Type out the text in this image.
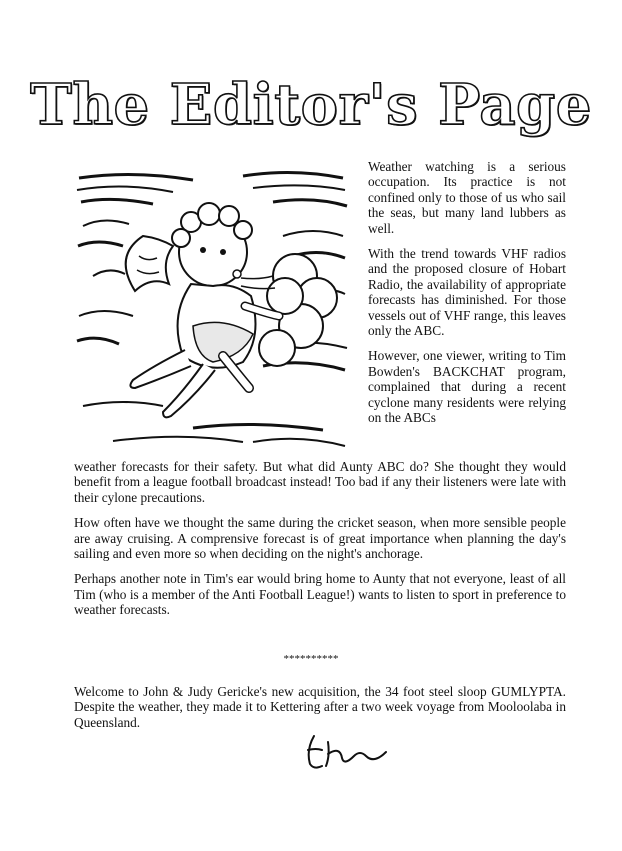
The Editor's Page

Weather watching is a serious occupation. Its practice is not confined only to those of us who sail the seas, but many land lubbers as well.

With the trend towards VHF radios and the proposed closure of Hobart Radio, the availability of appropriate forecasts has diminished. For those vessels out of VHF range, this leaves only the ABC.

However, one viewer, writing to Tim Bowden's BACKCHAT program, complained that during a recent cyclone many residents were relying on the ABCs

weather forecasts for their safety. But what did Aunty ABC do? She thought they would benefit from a league football broadcast instead! Too bad if any their listeners were late with their cylone precautions.

How often have we thought the same during the cricket season, when more sensible people are away cruising. A comprensive forecast is of great importance when planning the day's sailing and even more so when deciding on the night's anchorage.

Perhaps another note in Tim's ear would bring home to Aunty that not everyone, least of all Tim (who is a member of the Anti Football League!) wants to listen to sport in preference to weather forecasts.

**********

Welcome to John & Judy Gericke's new acquisition, the 34 foot steel sloop GUMLYPTA. Despite the weather, they made it to Kettering after a two week voyage from Mooloolaba in Queensland.
